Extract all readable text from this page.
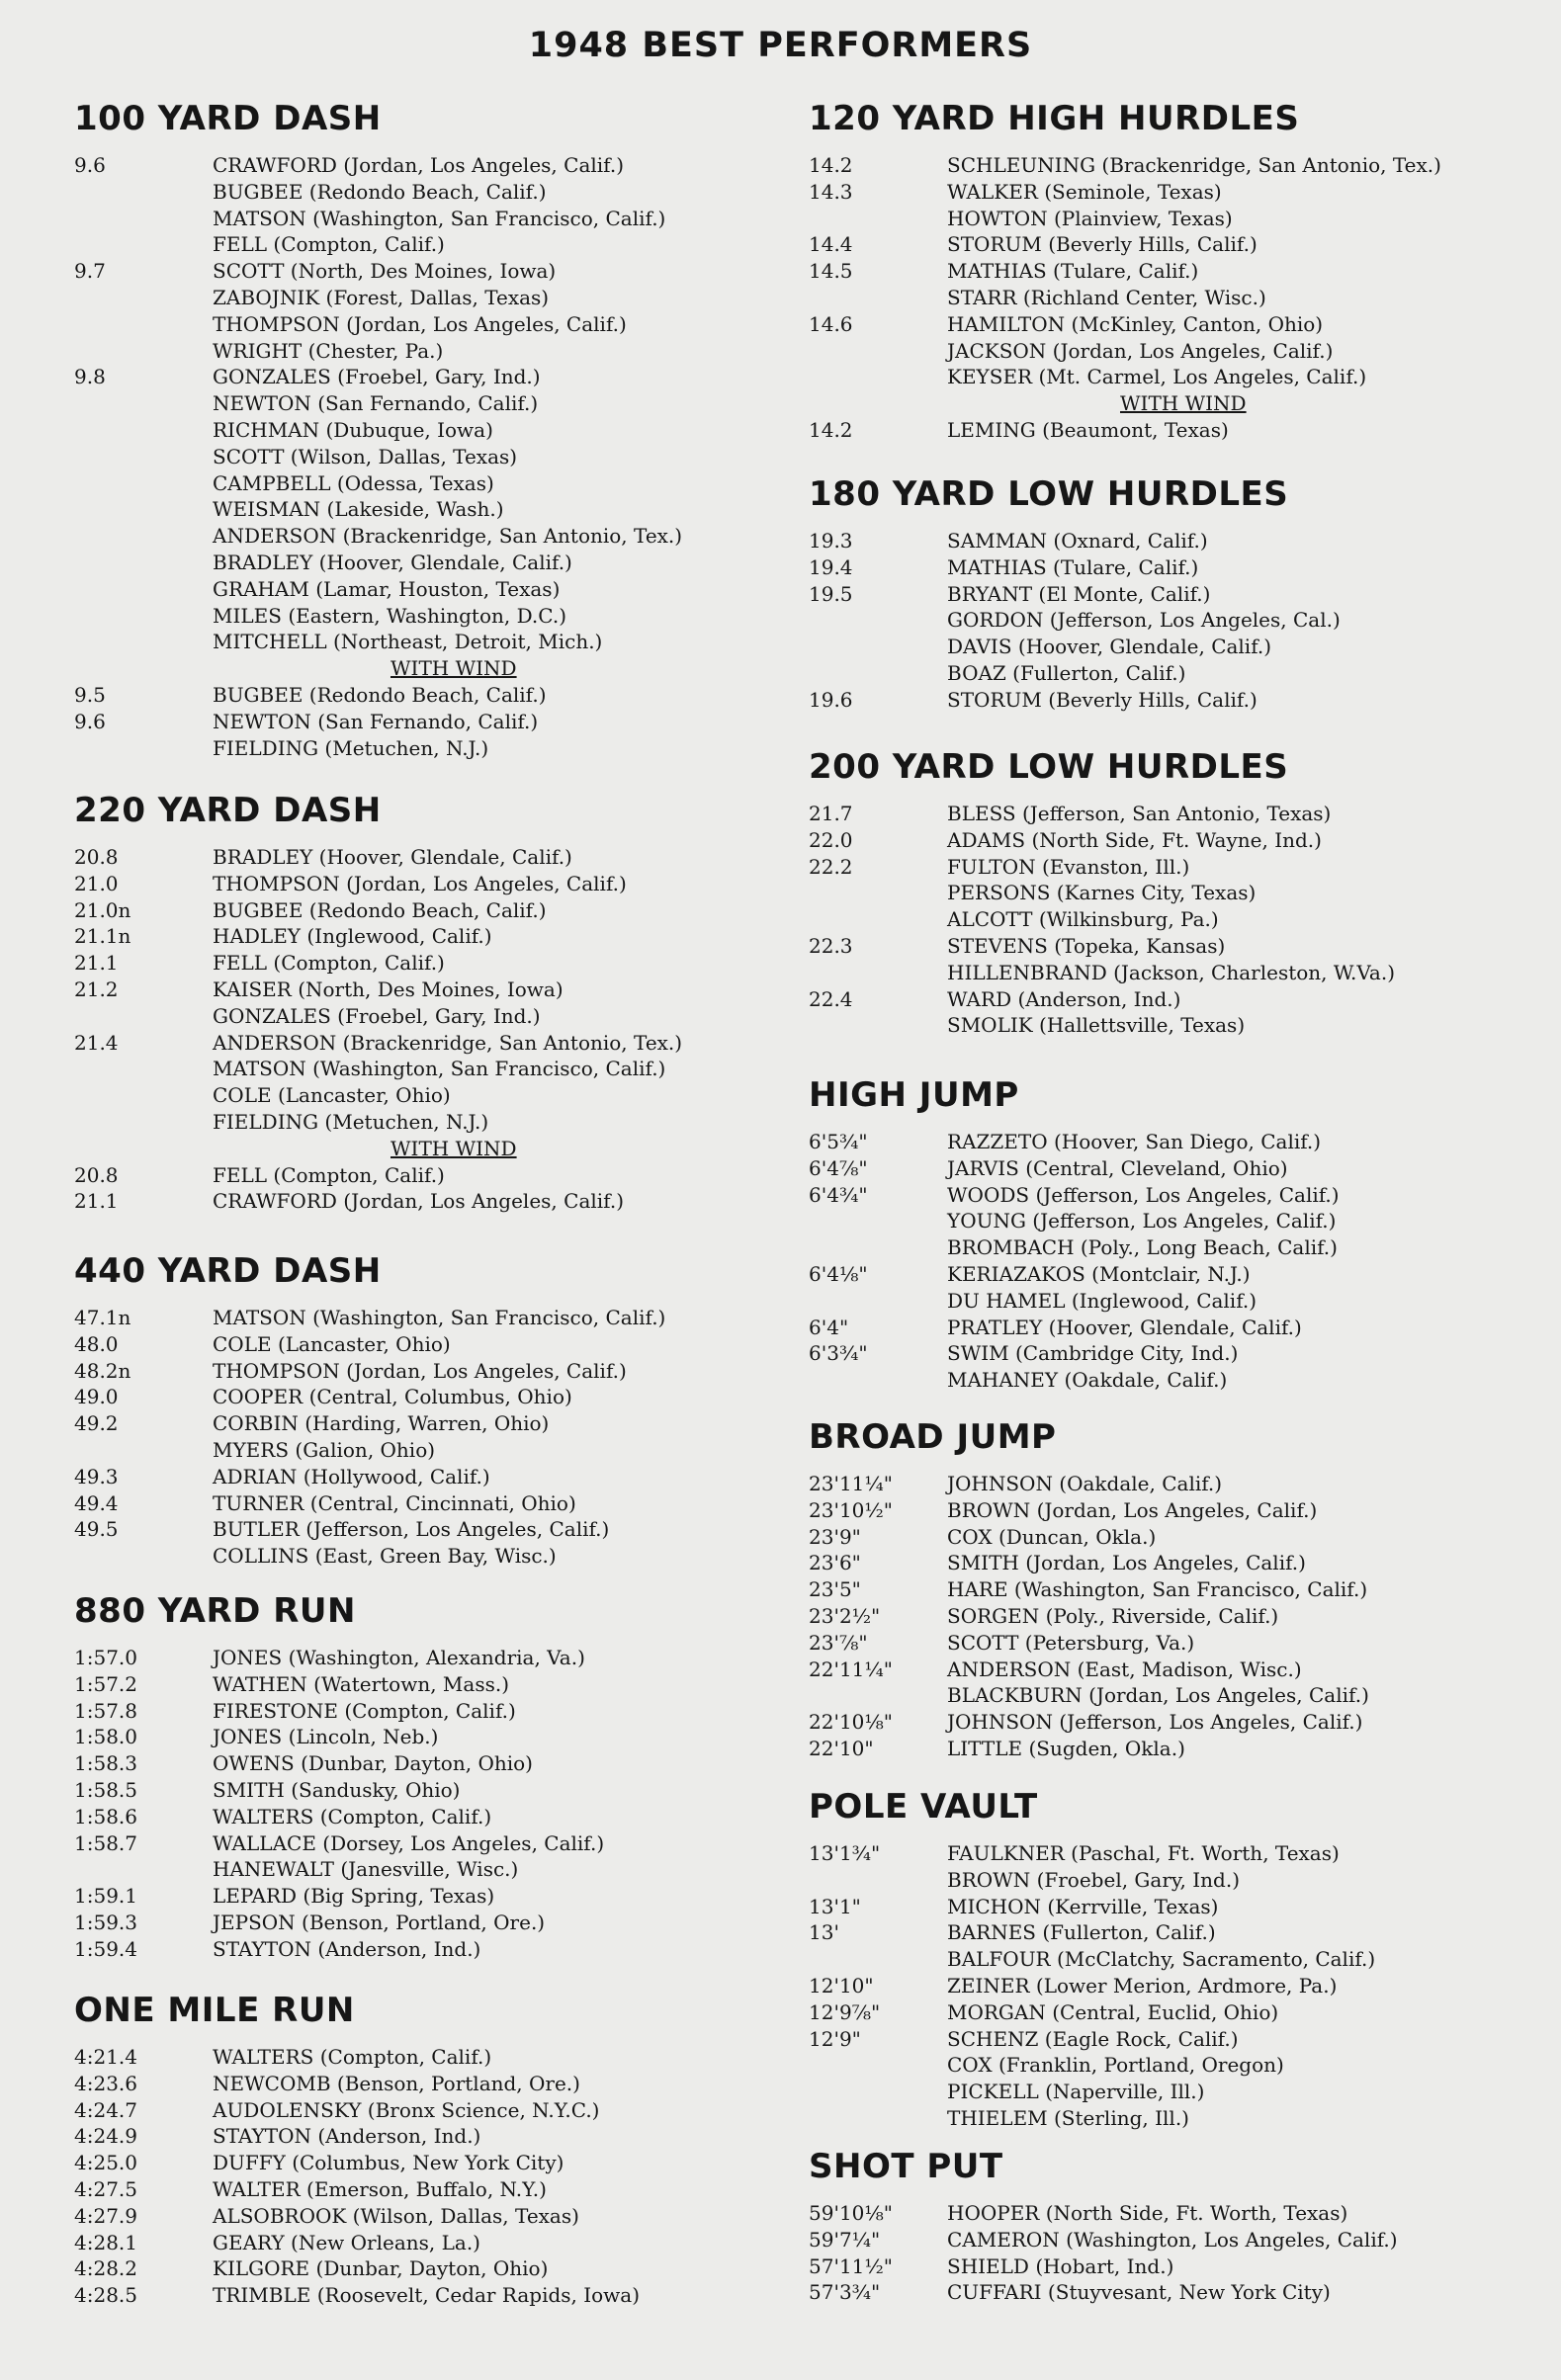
1948 BEST PERFORMERS
100 YARD DASH
9.6	CRAWFORD (Jordan, Los Angeles, Calif.)
BUGBEE (Redondo Beach, Calif.)
MATSON (Washington, San Francisco, Calif.)
FELL (Compton, Calif.)
9.7	SCOTT (North, Des Moines, Iowa)
ZABOJNIK (Forest, Dallas, Texas)
THOMPSON (Jordan, Los Angeles, Calif.)
WRIGHT (Chester, Pa.)
9.8	GONZALES (Froebel, Gary, Ind.)
NEWTON (San Fernando, Calif.)
RICHMAN (Dubuque, Iowa)
SCOTT (Wilson, Dallas, Texas)
CAMPBELL (Odessa, Texas)
WEISMAN (Lakeside, Wash.)
ANDERSON (Brackenridge, San Antonio, Tex.)
BRADLEY (Hoover, Glendale, Calif.)
GRAHAM (Lamar, Houston, Texas)
MILES (Eastern, Washington, D.C.)
MITCHELL (Northeast, Detroit, Mich.)
WITH WIND
9.5	BUGBEE (Redondo Beach, Calif.)
9.6	NEWTON (San Fernando, Calif.)
FIELDING (Metuchen, N.J.)
220 YARD DASH
20.8	BRADLEY (Hoover, Glendale, Calif.)
21.0	THOMPSON (Jordan, Los Angeles, Calif.)
21.0n	BUGBEE (Redondo Beach, Calif.)
21.1n	HADLEY (Inglewood, Calif.)
21.1	FELL (Compton, Calif.)
21.2	KAISER (North, Des Moines, Iowa)
GONZALES (Froebel, Gary, Ind.)
21.4	ANDERSON (Brackenridge, San Antonio, Tex.)
MATSON (Washington, San Francisco, Calif.)
COLE (Lancaster, Ohio)
FIELDING (Metuchen, N.J.)
WITH WIND
20.8	FELL (Compton, Calif.)
21.1	CRAWFORD (Jordan, Los Angeles, Calif.)
440 YARD DASH
47.1n	MATSON (Washington, San Francisco, Calif.)
48.0	COLE (Lancaster, Ohio)
48.2n	THOMPSON (Jordan, Los Angeles, Calif.)
49.0	COOPER (Central, Columbus, Ohio)
49.2	CORBIN (Harding, Warren, Ohio)
MYERS (Galion, Ohio)
49.3	ADRIAN (Hollywood, Calif.)
49.4	TURNER (Central, Cincinnati, Ohio)
49.5	BUTLER (Jefferson, Los Angeles, Calif.)
COLLINS (East, Green Bay, Wisc.)
880 YARD RUN
1:57.0	JONES (Washington, Alexandria, Va.)
1:57.2	WATHEN (Watertown, Mass.)
1:57.8	FIRESTONE (Compton, Calif.)
1:58.0	JONES (Lincoln, Neb.)
1:58.3	OWENS (Dunbar, Dayton, Ohio)
1:58.5	SMITH (Sandusky, Ohio)
1:58.6	WALTERS (Compton, Calif.)
1:58.7	WALLACE (Dorsey, Los Angeles, Calif.)
HANEWALT (Janesville, Wisc.)
1:59.1	LEPARD (Big Spring, Texas)
1:59.3	JEPSON (Benson, Portland, Ore.)
1:59.4	STAYTON (Anderson, Ind.)
ONE MILE RUN
4:21.4	WALTERS (Compton, Calif.)
4:23.6	NEWCOMB (Benson, Portland, Ore.)
4:24.7	AUDOLENSKY (Bronx Science, N.Y.C.)
4:24.9	STAYTON (Anderson, Ind.)
4:25.0	DUFFY (Columbus, New York City)
4:27.5	WALTER (Emerson, Buffalo, N.Y.)
4:27.9	ALSOBROOK (Wilson, Dallas, Texas)
4:28.1	GEARY (New Orleans, La.)
4:28.2	KILGORE (Dunbar, Dayton, Ohio)
4:28.5	TRIMBLE (Roosevelt, Cedar Rapids, Iowa)
120 YARD HIGH HURDLES
14.2	SCHLEUNING (Brackenridge, San Antonio, Tex.)
14.3	WALKER (Seminole, Texas)
HOWTON (Plainview, Texas)
14.4	STORUM (Beverly Hills, Calif.)
14.5	MATHIAS (Tulare, Calif.)
STARR (Richland Center, Wisc.)
14.6	HAMILTON (McKinley, Canton, Ohio)
JACKSON (Jordan, Los Angeles, Calif.)
KEYSER (Mt. Carmel, Los Angeles, Calif.)
WITH WIND
14.2	LEMING (Beaumont, Texas)
180 YARD LOW HURDLES
19.3	SAMMAN (Oxnard, Calif.)
19.4	MATHIAS (Tulare, Calif.)
19.5	BRYANT (El Monte, Calif.)
GORDON (Jefferson, Los Angeles, Cal.)
DAVIS (Hoover, Glendale, Calif.)
BOAZ (Fullerton, Calif.)
19.6	STORUM (Beverly Hills, Calif.)
200 YARD LOW HURDLES
21.7	BLESS (Jefferson, San Antonio, Texas)
22.0	ADAMS (North Side, Ft. Wayne, Ind.)
22.2	FULTON (Evanston, Ill.)
PERSONS (Karnes City, Texas)
ALCOTT (Wilkinsburg, Pa.)
22.3	STEVENS (Topeka, Kansas)
HILLENBRAND (Jackson, Charleston, W.Va.)
22.4	WARD (Anderson, Ind.)
SMOLIK (Hallettsville, Texas)
HIGH JUMP
6'5¾"	RAZZETO (Hoover, San Diego, Calif.)
6'4⅞"	JARVIS (Central, Cleveland, Ohio)
6'4¾"	WOODS (Jefferson, Los Angeles, Calif.)
YOUNG (Jefferson, Los Angeles, Calif.)
BROMBACH (Poly., Long Beach, Calif.)
6'4⅛"	KERIAZAKOS (Montclair, N.J.)
DU HAMEL (Inglewood, Calif.)
6'4"	PRATLEY (Hoover, Glendale, Calif.)
6'3¾"	SWIM (Cambridge City, Ind.)
MAHANEY (Oakdale, Calif.)
BROAD JUMP
23'11¼"	JOHNSON (Oakdale, Calif.)
23'10½"	BROWN (Jordan, Los Angeles, Calif.)
23'9"	COX (Duncan, Okla.)
23'6"	SMITH (Jordan, Los Angeles, Calif.)
23'5"	HARE (Washington, San Francisco, Calif.)
23'2½"	SORGEN (Poly., Riverside, Calif.)
23'⅞"	SCOTT (Petersburg, Va.)
22'11¼"	ANDERSON (East, Madison, Wisc.)
BLACKBURN (Jordan, Los Angeles, Calif.)
22'10⅛"	JOHNSON (Jefferson, Los Angeles, Calif.)
22'10"	LITTLE (Sugden, Okla.)
POLE VAULT
13'1¾"	FAULKNER (Paschal, Ft. Worth, Texas)
BROWN (Froebel, Gary, Ind.)
13'1"	MICHON (Kerrville, Texas)
13'	BARNES (Fullerton, Calif.)
BALFOUR (McClatchy, Sacramento, Calif.)
12'10"	ZEINER (Lower Merion, Ardmore, Pa.)
12'9⅞"	MORGAN (Central, Euclid, Ohio)
12'9"	SCHENZ (Eagle Rock, Calif.)
COX (Franklin, Portland, Oregon)
PICKELL (Naperville, Ill.)
THIELEM (Sterling, Ill.)
SHOT PUT
59'10⅛"	HOOPER (North Side, Ft. Worth, Texas)
59'7¼"	CAMERON (Washington, Los Angeles, Calif.)
57'11½"	SHIELD (Hobart, Ind.)
57'3¾"	CUFFARI (Stuyvesant, New York City)
